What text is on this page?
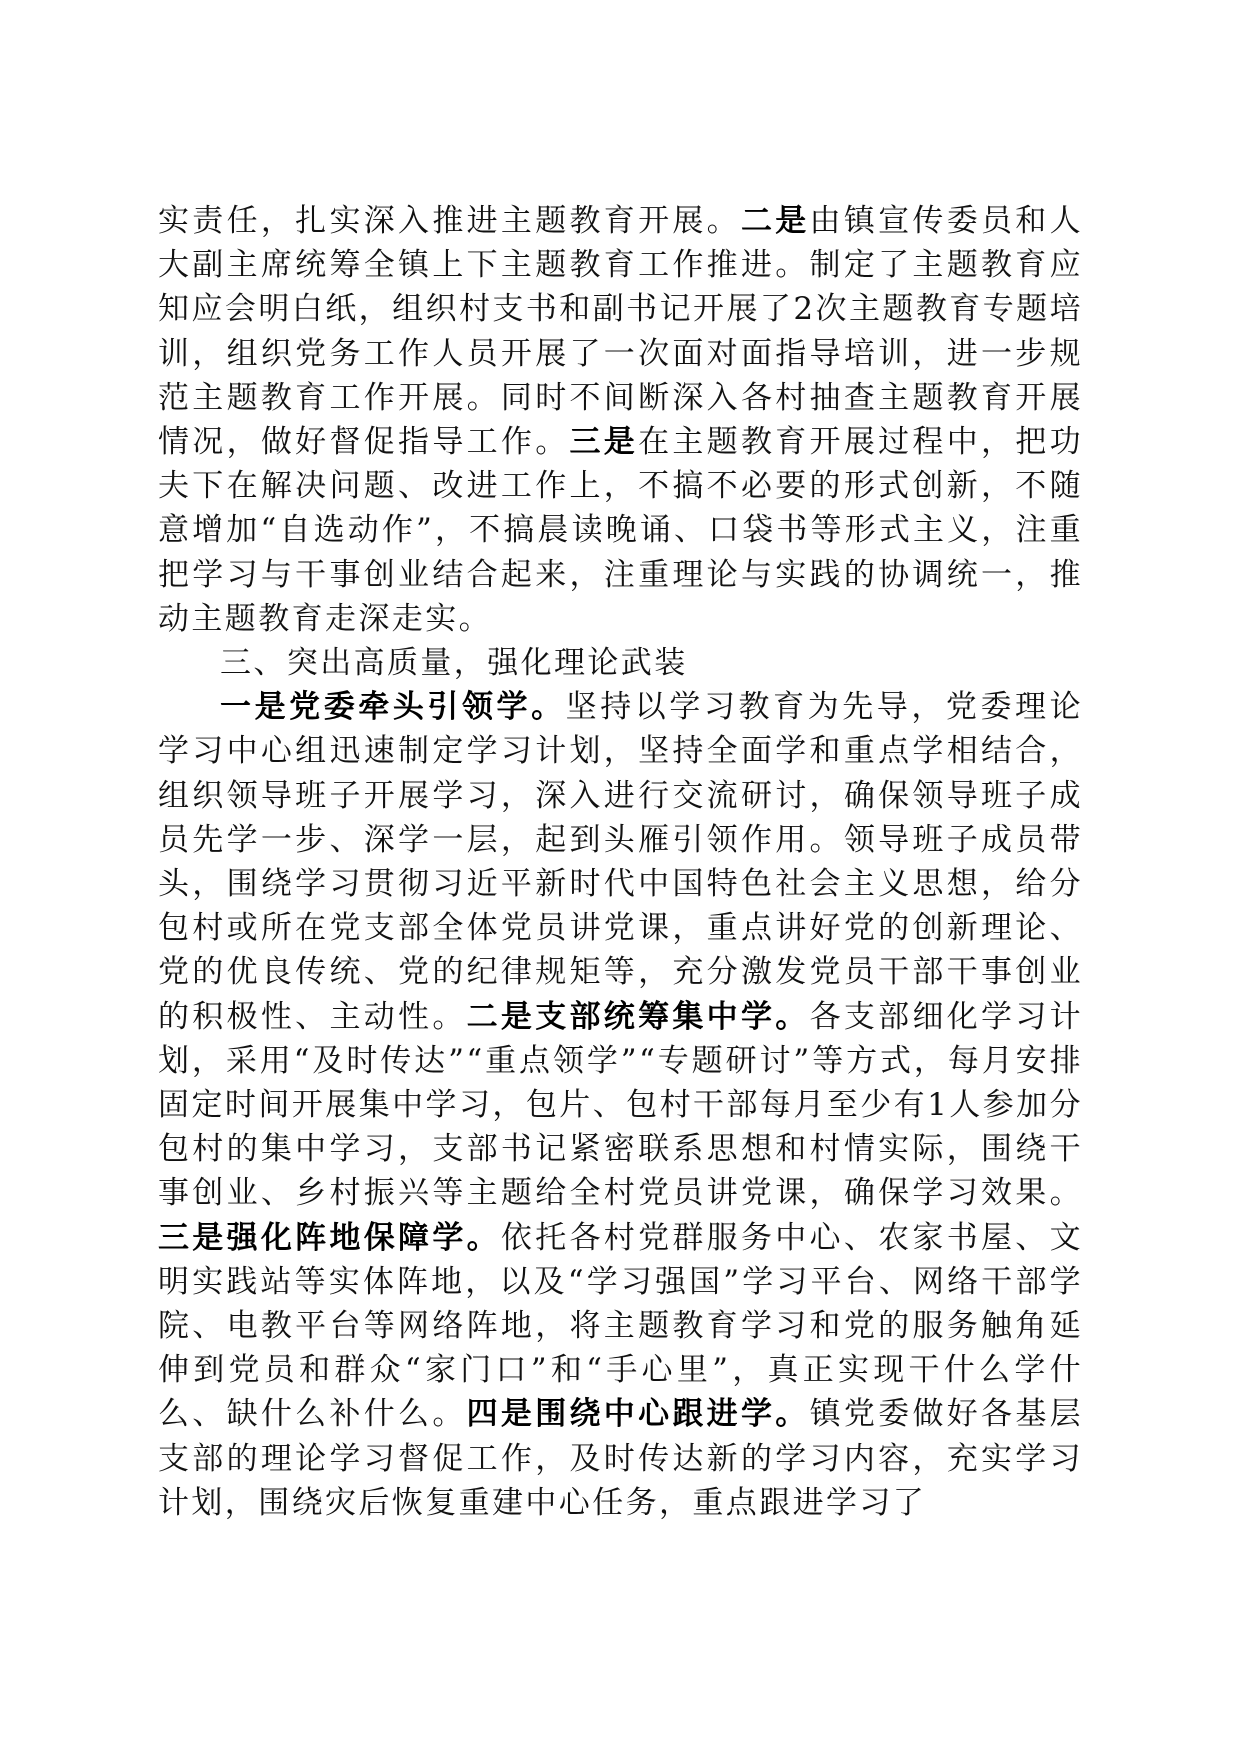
实责任，扎实深入推进主题教育开展。二是由镇宣传委员和人大副主席统筹全镇上下主题教育工作推进。制定了主题教育应知应会明白纸，组织村支书和副书记开展了2次主题教育专题培训，组织党务工作人员开展了一次面对面指导培训，进一步规范主题教育工作开展。同时不间断深入各村抽查主题教育开展情况，做好督促指导工作。三是在主题教育开展过程中，把功夫下在解决问题、改进工作上，不搞不必要的形式创新，不随意增加“自选动作”，不搞晨读晚诵、口袋书等形式主义，注重把学习与干事创业结合起来，注重理论与实践的协调统一，推动主题教育走深走实。

三、突出高质量，强化理论武装

一是党委牵头引领学。坚持以学习教育为先导，党委理论学习中心组迅速制定学习计划，坚持全面学和重点学相结合，组织领导班子开展学习，深入进行交流研讨，确保领导班子成员先学一步、深学一层，起到头雁引领作用。领导班子成员带头，围绕学习贯彻习近平新时代中国特色社会主义思想，给分包村或所在党支部全体党员讲党课，重点讲好党的创新理论、党的优良传统、党的纪律规矩等，充分激发党员干部干事创业的积极性、主动性。二是支部统筹集中学。各支部细化学习计划，采用“及时传达”“重点领学”“专题研讨”等方式，每月安排固定时间开展集中学习，包片、包村干部每月至少有1人参加分包村的集中学习，支部书记紧密联系思想和村情实际，围绕干事创业、乡村振兴等主题给全村党员讲党课，确保学习效果。三是强化阵地保障学。依托各村党群服务中心、农家书屋、文明实践站等实体阵地，以及“学习强国”学习平台、网络干部学院、电教平台等网络阵地，将主题教育学习和党的服务触角延伸到党员和群众“家门口”和“手心里”，真正实现干什么学什么、缺什么补什么。四是围绕中心跟进学。镇党委做好各基层支部的理论学习督促工作，及时传达新的学习内容，充实学习计划，围绕灾后恢复重建中心任务，重点跟进学习了
